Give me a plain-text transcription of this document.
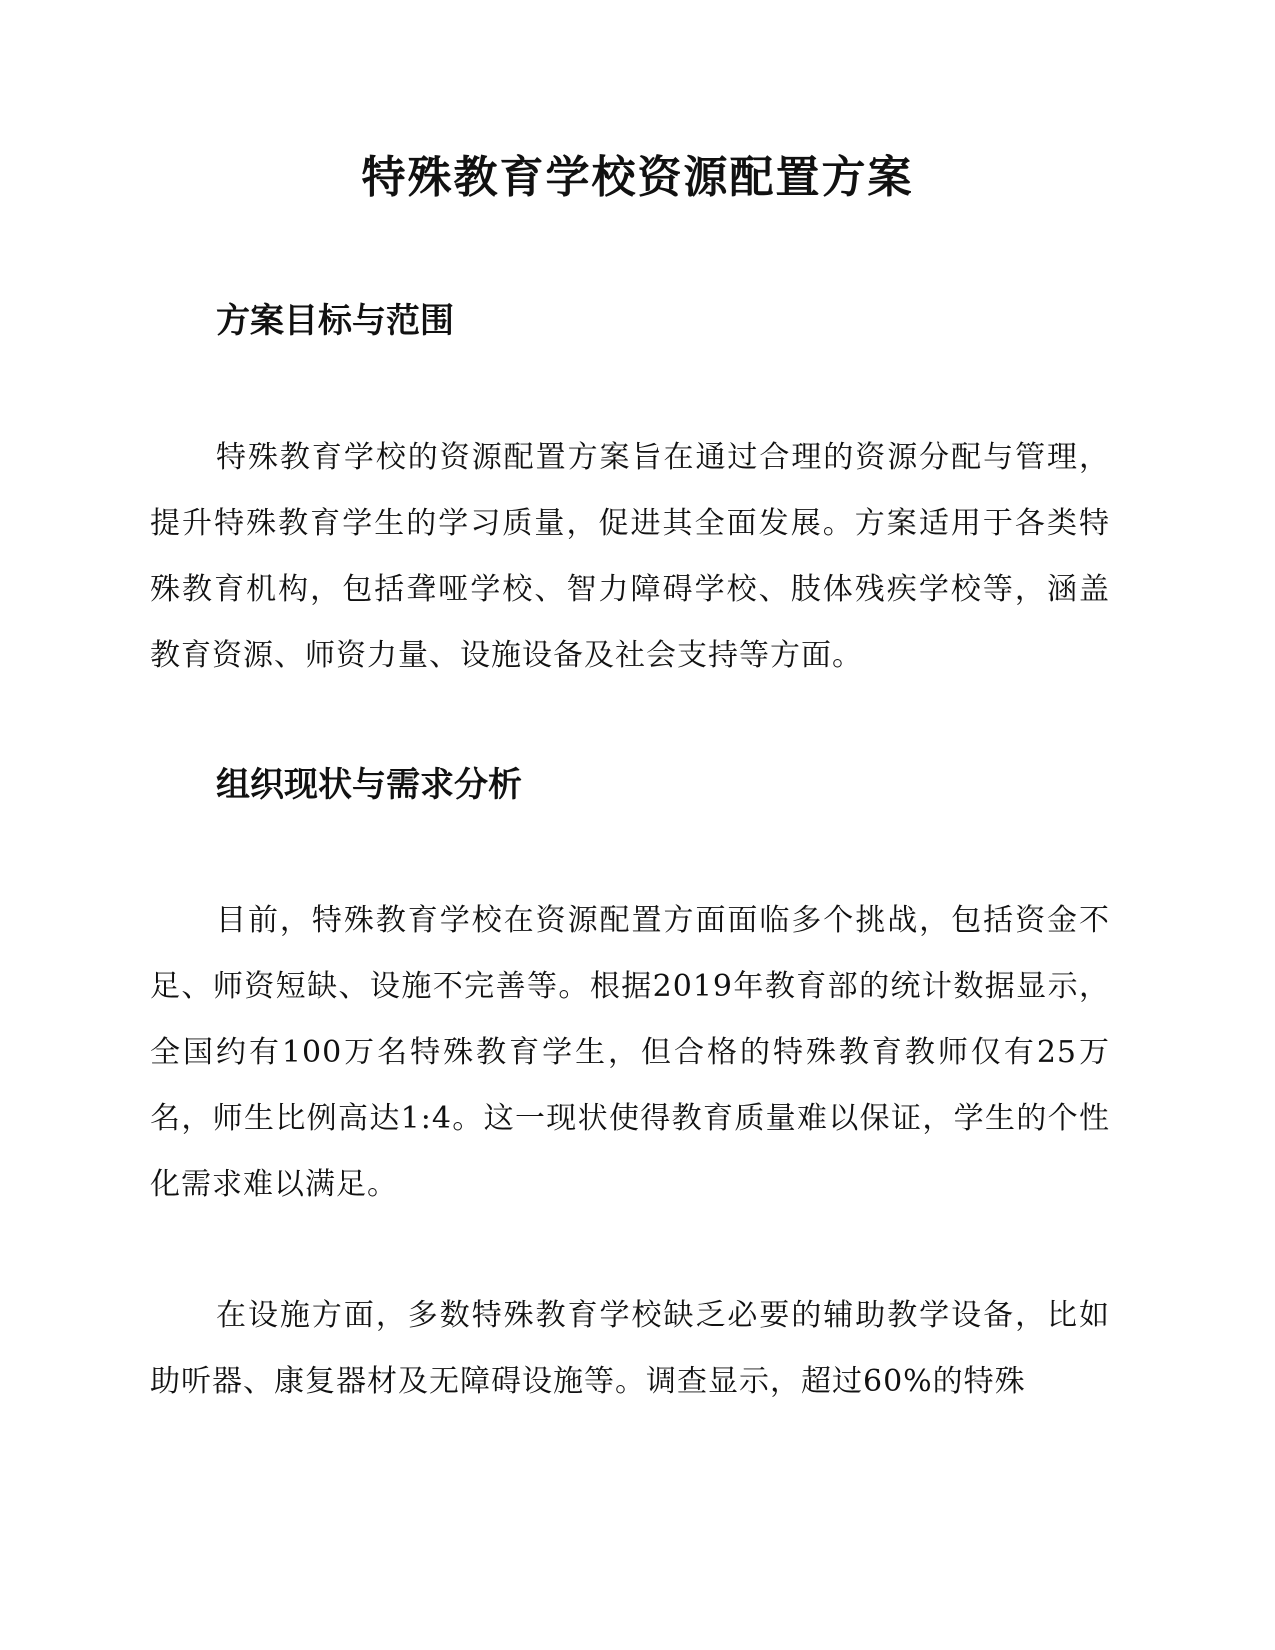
特殊教育学校资源配置方案
方案目标与范围

特殊教育学校的资源配置方案旨在通过合理的资源分配与管理，提升特殊教育学生的学习质量，促进其全面发展。方案适用于各类特殊教育机构，包括聋哑学校、智力障碍学校、肢体残疾学校等，涵盖教育资源、师资力量、设施设备及社会支持等方面。

组织现状与需求分析

目前，特殊教育学校在资源配置方面面临多个挑战，包括资金不足、师资短缺、设施不完善等。根据2019年教育部的统计数据显示，全国约有100万名特殊教育学生，但合格的特殊教育教师仅有25万名，师生比例高达1:4。这一现状使得教育质量难以保证，学生的个性化需求难以满足。

在设施方面，多数特殊教育学校缺乏必要的辅助教学设备，比如助听器、康复器材及无障碍设施等。调查显示，超过60%的特殊
